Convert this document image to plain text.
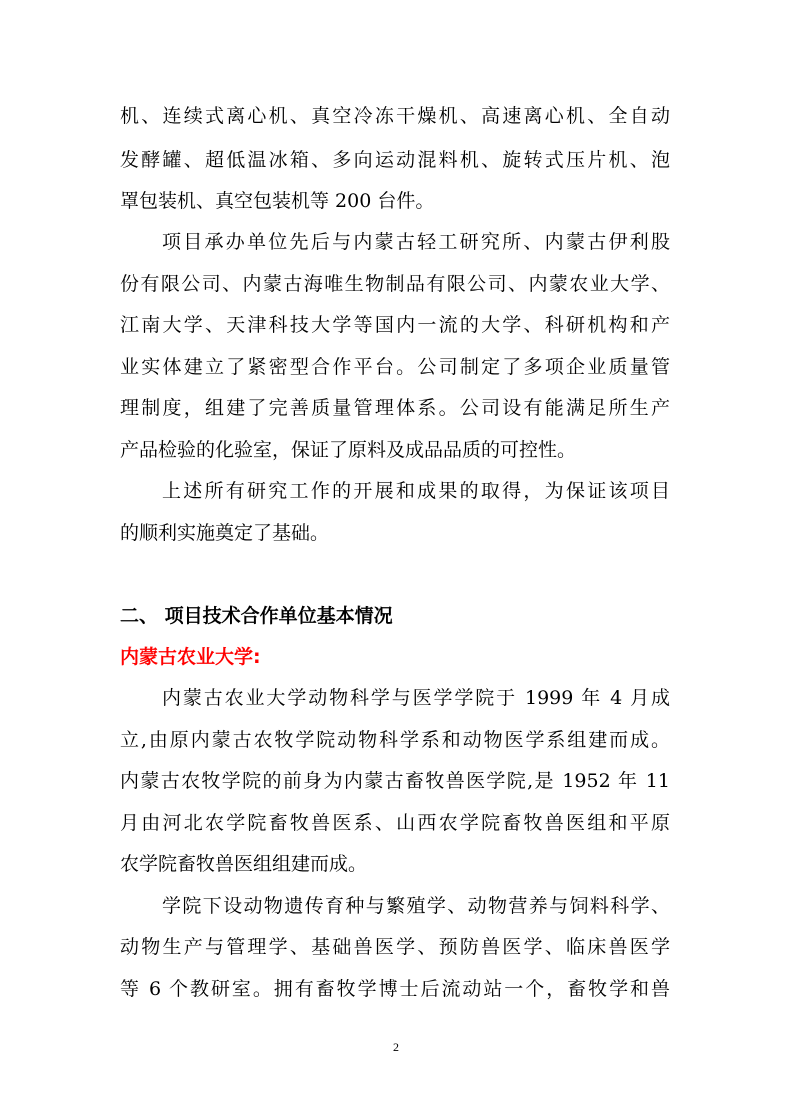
机、连续式离心机、真空冷冻干燥机、高速离心机、全自动
发酵罐、超低温冰箱、多向运动混料机、旋转式压片机、泡
罩包装机、真空包装机等 200 台件。
项目承办单位先后与内蒙古轻工研究所、内蒙古伊利股
份有限公司、内蒙古海唯生物制品有限公司、内蒙农业大学、
江南大学、天津科技大学等国内一流的大学、科研机构和产
业实体建立了紧密型合作平台。公司制定了多项企业质量管
理制度，组建了完善质量管理体系。公司设有能满足所生产
产品检验的化验室，保证了原料及成品品质的可控性。
上述所有研究工作的开展和成果的取得，为保证该项目
的顺利实施奠定了基础。
二、 项目技术合作单位基本情况
内蒙古农业大学:
内蒙古农业大学动物科学与医学学院于 1999 年 4 月成
立,由原内蒙古农牧学院动物科学系和动物医学系组建而成。
内蒙古农牧学院的前身为内蒙古畜牧兽医学院,是 1952 年 11
月由河北农学院畜牧兽医系、山西农学院畜牧兽医组和平原
农学院畜牧兽医组组建而成。
学院下设动物遗传育种与繁殖学、动物营养与饲料科学、
动物生产与管理学、基础兽医学、预防兽医学、临床兽医学
等 6 个教研室。拥有畜牧学博士后流动站一个，畜牧学和兽
2
